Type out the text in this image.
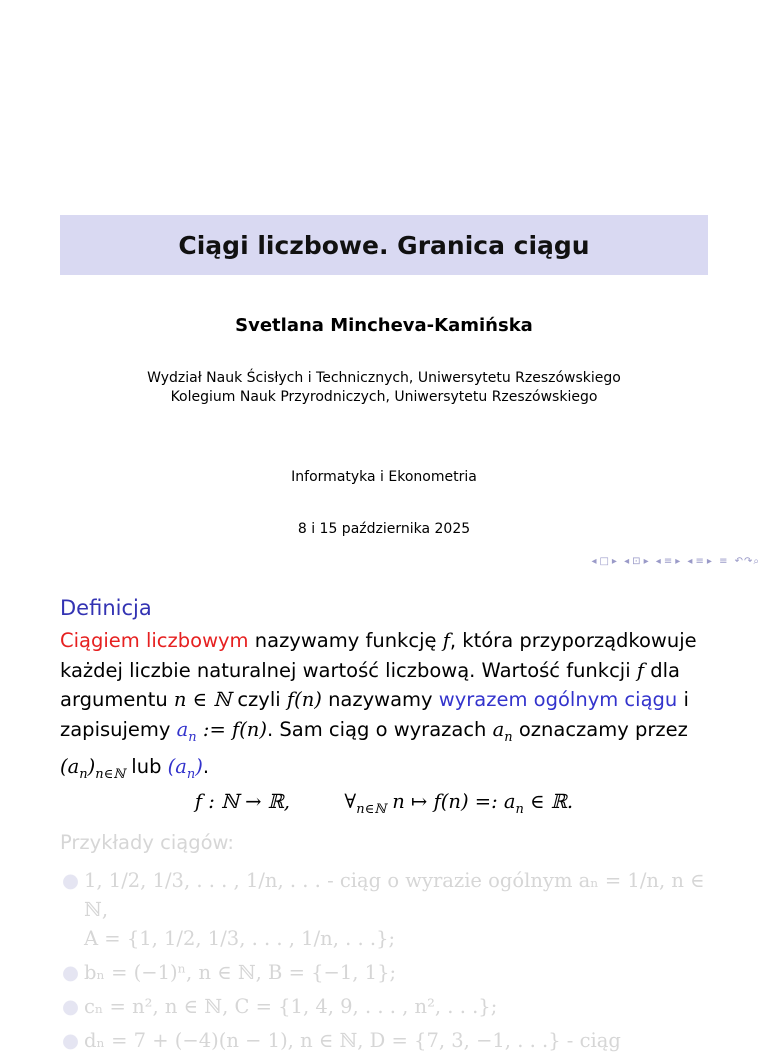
Ciągi liczbowe. Granica ciągu
Svetlana Mincheva-Kamińska
Wydział Nauk Ścisłych i Technicznych, Uniwersytetu Rzeszówskiego
Kolegium Nauk Przyrodniczych, Uniwersytetu Rzeszówskiego
Informatyka i Ekonometria
8 i 15 października 2025
◂ □ ▸ ◂ ⊡ ▸ ◂ ≡ ▸ ◂ ≡ ▸ ≡ ↶↷⌕
Definicja
Ciągiem liczbowym nazywamy funkcję f, która przyporządkowuje każdej liczbie naturalnej wartość liczbową. Wartość funkcji f dla argumentu n ∈ ℕ czyli f(n) nazywamy wyrazem ogólnym ciągu i zapisujemy $a_n$ := f(n). Sam ciąg o wyrazach $a_n$ oznaczamy przez $(a_n)_{n\in ℕ}$ lub $(a_n)$.
f : ℕ → ℝ,	$\forall_{n\in ℕ}$ n ↦ f(n) =: $a_n$ ∈ ℝ.
Przykłady ciągów:
● 1, 1/2, 1/3, . . . , 1/n, . . . - ciąg o wyrazie ogólnym aₙ = 1/n, n ∈ ℕ,
A = {1, 1/2, 1/3, . . . , 1/n, . . .};
● bₙ = (−1)ⁿ, n ∈ ℕ, B = {−1, 1};
● cₙ = n², n ∈ ℕ, C = {1, 4, 9, . . . , n², . . .};
● dₙ = 7 + (−4)(n − 1), n ∈ ℕ, D = {7, 3, −1, . . .} - ciąg
